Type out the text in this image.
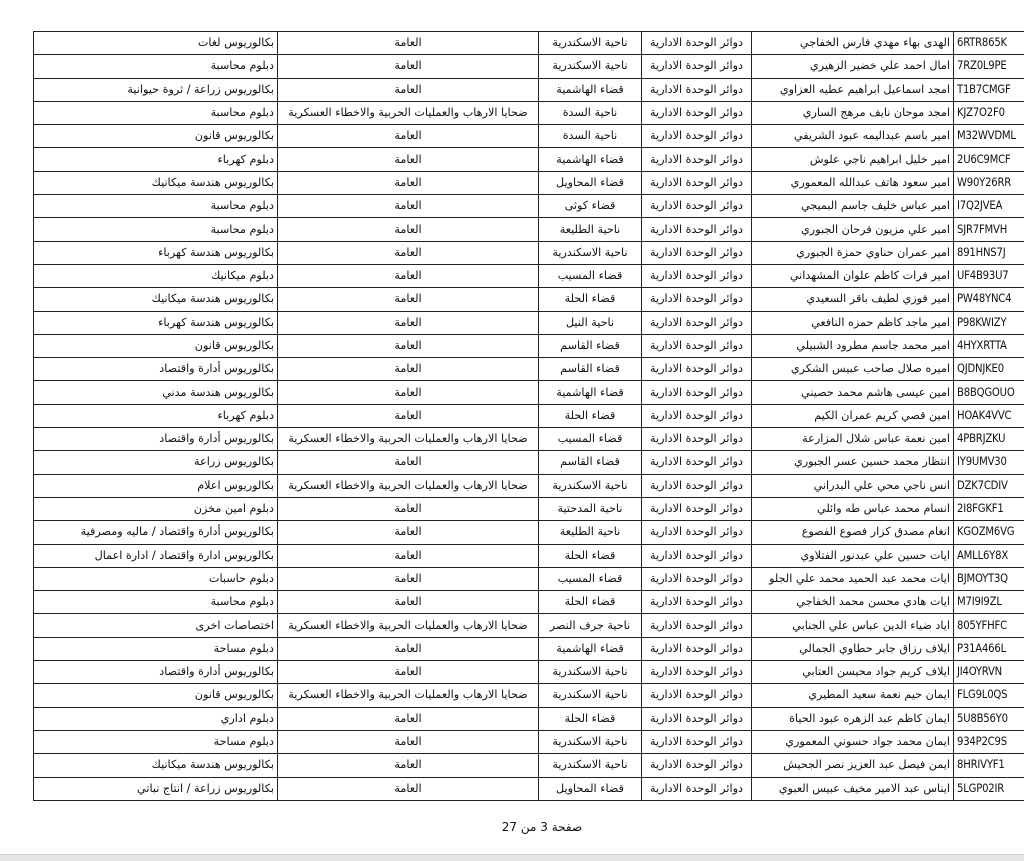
بكالوريوس لغات	العامة	ناحية الاسكندرية	دوائر الوحدة الادارية	الهدى بهاء مهدي فارس الخفاجي	6RTR865K	
دبلوم محاسبة	العامة	ناحية الاسكندرية	دوائر الوحدة الادارية	امال احمد علي خضير الزهيري	7RZ0L9PE	
بكالوريوس زراعة / ثروة حيوانية	العامة	قضاء الهاشمية	دوائر الوحدة الادارية	امجد اسماعيل ابراهيم عطيه العزاوي	T1B7CMGF	
دبلوم محاسبة	ضحايا الارهاب والعمليات الحربية والاخطاء العسكرية	ناحية السدة	دوائر الوحدة الادارية	امجد موحان نايف مرهج الساري	KJZ7O2F0	
بكالوريوس قانون	العامة	ناحية السدة	دوائر الوحدة الادارية	امير باسم عبداليمه عبود الشريفي	M32WVDML	
دبلوم كهرباء	العامة	قضاء الهاشمية	دوائر الوحدة الادارية	امير خليل ابراهيم ناجي علوش	2U6C9MCF	
بكالوريوس هندسة ميكانيك	العامة	قضاء المحاويل	دوائر الوحدة الادارية	امير سعود هاتف عبدالله المعموري	W90Y26RR	
دبلوم محاسبة	العامة	قضاء كوثى	دوائر الوحدة الادارية	امير عباس خليف جاسم البميجي	I7Q2JVEA	
دبلوم محاسبة	العامة	ناحية الطليعة	دوائر الوحدة الادارية	امير علي مزيون فرحان الجبوري	SJR7FMVH	
بكالوريوس هندسة كهرباء	العامة	ناحية الاسكندرية	دوائر الوحدة الادارية	امير عمران حناوي حمزة الجبوري	891HNS7J	
دبلوم ميكانيك	العامة	قضاء المسيب	دوائر الوحدة الادارية	امير فرات كاظم علوان المشهداني	UF4B93U7	
بكالوريوس هندسة ميكانيك	العامة	قضاء الحلة	دوائر الوحدة الادارية	امير فوزي لطيف باقر السعيدي	PW48YNC4	
بكالوريوس هندسة كهرباء	العامة	ناحية النيل	دوائر الوحدة الادارية	امير ماجد كاظم حمزه النافعي	P98KWIZY	
بكالوريوس قانون	العامة	قضاء القاسم	دوائر الوحدة الادارية	امير محمد جاسم مطرود الشبيلي	4HYXRTTA	
بكالوريوس أدارة واقتصاد	العامة	قضاء القاسم	دوائر الوحدة الادارية	اميره صلال صاحب عبيس الشكري	QJDNJKE0	
بكالوريوس هندسة مدني	العامة	قضاء الهاشمية	دوائر الوحدة الادارية	امين عيسى هاشم محمد حصيني	B8BQGOUO	
دبلوم كهرباء	العامة	قضاء الحلة	دوائر الوحدة الادارية	امين قصي كريم عمران الكيم	HOAK4VVC	
بكالوريوس أدارة واقتصاد	ضحايا الارهاب والعمليات الحربية والاخطاء العسكرية	قضاء المسيب	دوائر الوحدة الادارية	امين نعمة عباس شلال المزارعة	4PBRJZKU	
بكالوريوس زراعة	العامة	قضاء القاسم	دوائر الوحدة الادارية	انتظار محمد حسين عسر الجبوري	IY9UMV30	
بكالوريوس اعلام	ضحايا الارهاب والعمليات الحربية والاخطاء العسكرية	ناحية الاسكندرية	دوائر الوحدة الادارية	انس ناجي محي علي البدراني	DZK7CDIV	
دبلوم امين مخزن	العامة	ناحية المدحتية	دوائر الوحدة الادارية	انسام محمد عباس طه وائلي	2I8FGKF1	
بكالوريوس أدارة واقتصاد / ماليه ومصرفية	العامة	ناحية الطليعة	دوائر الوحدة الادارية	انغام مصدق كزار فصوع الفصوع	KGOZM6VG	
بكالوريوس ادارة واقتصاد / ادارة اعمال	العامة	قضاء الحلة	دوائر الوحدة الادارية	ايات حسين علي عبدنور الفتلاوي	AMLL6Y8X	
دبلوم حاسبات	العامة	قضاء المسيب	دوائر الوحدة الادارية	ايات محمد عبد الحميد محمد علي الجلو	BJMOYT3Q	
دبلوم محاسبة	العامة	قضاء الحلة	دوائر الوحدة الادارية	ايات هادي محسن محمد الخفاجي	M7I9I9ZL	
اختصاصات اخرى	ضحايا الارهاب والعمليات الحربية والاخطاء العسكرية	ناحية جرف النصر	دوائر الوحدة الادارية	اياد ضياء الدين عباس علي الجنابي	805YFHFC	
دبلوم مساحة	العامة	قضاء الهاشمية	دوائر الوحدة الادارية	ايلاف رزاق جابر حطاوي الجمالي	P31A466L	
بكالوريوس أدارة واقتصاد	العامة	ناحية الاسكندرية	دوائر الوحدة الادارية	ايلاف كريم جواد محيسن العتابي	JI4OYRVN	
بكالوريوس قانون	ضحايا الارهاب والعمليات الحربية والاخطاء العسكرية	ناحية الاسكندرية	دوائر الوحدة الادارية	ايمان حيم نعمة سعيد المطيري	FLG9L0QS	
دبلوم اداري	العامة	قضاء الحلة	دوائر الوحدة الادارية	ايمان كاظم عبد الزهره عبود الحياة	5U8B56Y0	
دبلوم مساحة	العامة	ناحية الاسكندرية	دوائر الوحدة الادارية	ايمان محمد جواد حسوني المعموري	934P2C9S	
بكالوريوس هندسة ميكانيك	العامة	ناحية الاسكندرية	دوائر الوحدة الادارية	ايمن فيصل عبد العزيز نصر الجحيش	8HRIVYF1	
بكالوريوس زراعة / انتاج نباتي	العامة	قضاء المحاويل	دوائر الوحدة الادارية	ايناس عبد الامير مخيف عبيس العبوي	5LGP02IR	
صفحة 3 من 27
